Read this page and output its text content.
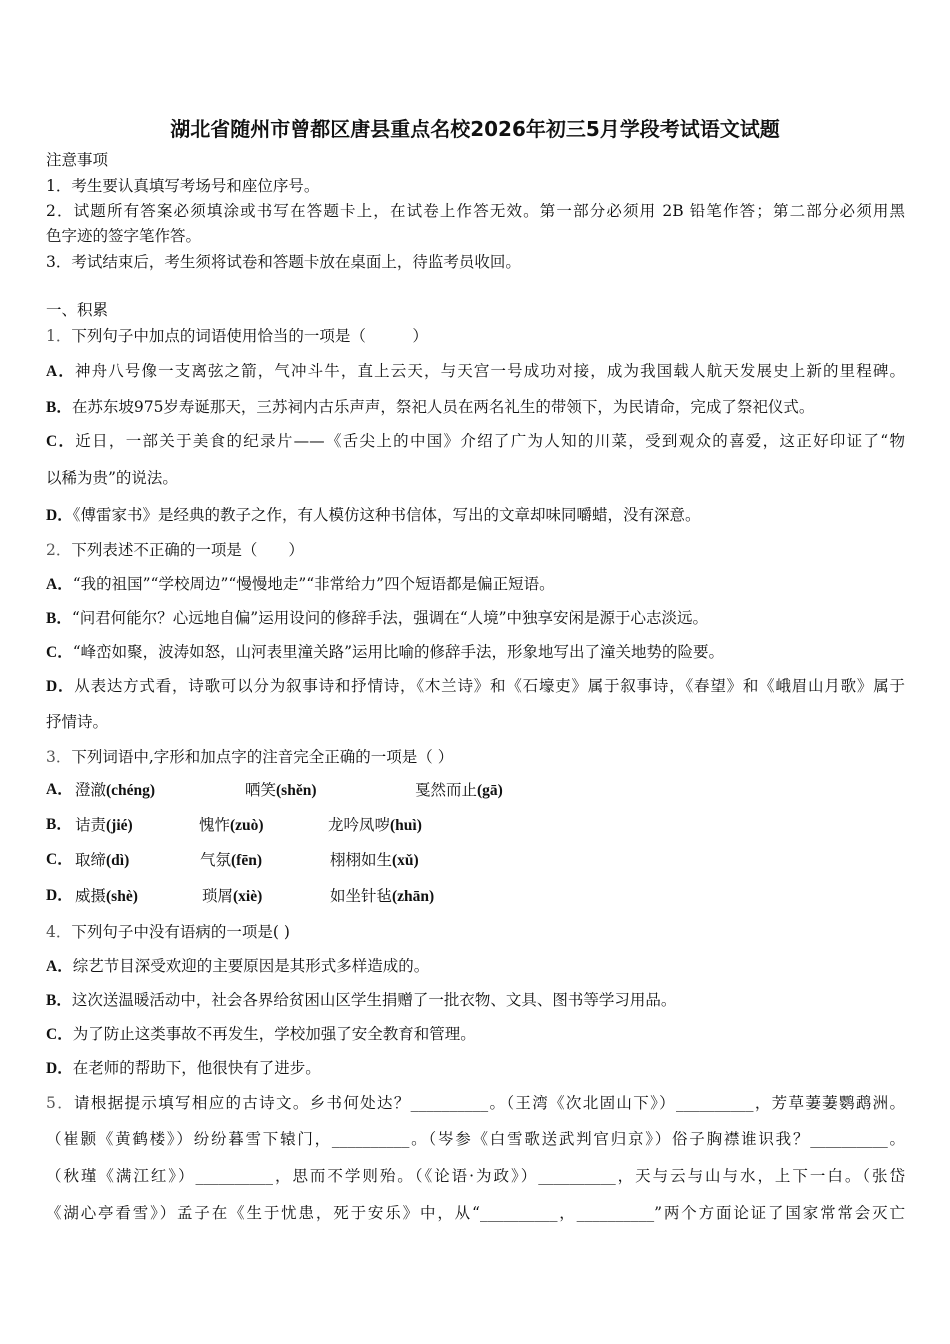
湖北省随州市曾都区唐县重点名校2026年初三5月学段考试语文试题
注意事项
1．考生要认真填写考场号和座位序号。
2．试题所有答案必须填涂或书写在答题卡上，在试卷上作答无效。第一部分必须用 2B 铅笔作答；第二部分必须用黑
色字迹的签字笔作答。
3．考试结束后，考生须将试卷和答题卡放在桌面上，待监考员收回。
一、积累
1．下列句子中加点的词语使用恰当的一项是（　　　）
A．神舟八号像一支离弦之箭，气冲斗牛，直上云天，与天宫一号成功对接，成为我国载人航天发展史上新的里程碑。
B．在苏东坡975岁寿诞那天，三苏祠内古乐声声，祭祀人员在两名礼生的带领下，为民请命，完成了祭祀仪式。
C．近日，一部关于美食的纪录片——《舌尖上的中国》介绍了广为人知的川菜，受到观众的喜爱，这正好印证了“物
以稀为贵”的说法。
D．《傅雷家书》是经典的教子之作，有人模仿这种书信体，写出的文章却味同嚼蜡，没有深意。
2．下列表述不正确的一项是（　　）
A．“我的祖国”“学校周边”“慢慢地走”“非常给力”四个短语都是偏正短语。
B．“问君何能尔？心远地自偏”运用设问的修辞手法，强调在“人境”中独享安闲是源于心志淡远。
C．“峰峦如聚，波涛如怒，山河表里潼关路”运用比喻的修辞手法，形象地写出了潼关地势的险要。
D．从表达方式看，诗歌可以分为叙事诗和抒情诗，《木兰诗》和《石壕吏》属于叙事诗，《春望》和《峨眉山月歌》属于
抒情诗。
3．下列词语中,字形和加点字的注音完全正确的一项是（ ）
A． 澄澈(chéng)	哂笑(shěn)	戛然而止(gā)
B． 诘责(jié)	愧怍(zuò)	龙吟凤哕(huì)
C． 取缔(dì)	气氛(fēn)	栩栩如生(xǔ)
D． 威摄(shè)	琐屑(xiè)	如坐针毡(zhān)
4．下列句子中没有语病的一项是( )
A．综艺节目深受欢迎的主要原因是其形式多样造成的。
B．这次送温暖活动中，社会各界给贫困山区学生捐赠了一批衣物、文具、图书等学习用品。
C．为了防止这类事故不再发生，学校加强了安全教育和管理。
D．在老师的帮助下，他很快有了进步。
5．请根据提示填写相应的古诗文。乡书何处达？__________。（王湾《次北固山下》）__________，芳草萋萋鹦鹉洲。
（崔颢《黄鹤楼》）纷纷暮雪下辕门，__________。（岑参《白雪歌送武判官归京》）俗子胸襟谁识我？__________。
（秋瑾《满江红》）__________，思而不学则殆。（《论语·为政》）__________，天与云与山与水，上下一白。（张岱
《湖心亭看雪》）孟子在《生于忧患，死于安乐》中，从“__________，__________”两个方面论证了国家常常会灭亡
